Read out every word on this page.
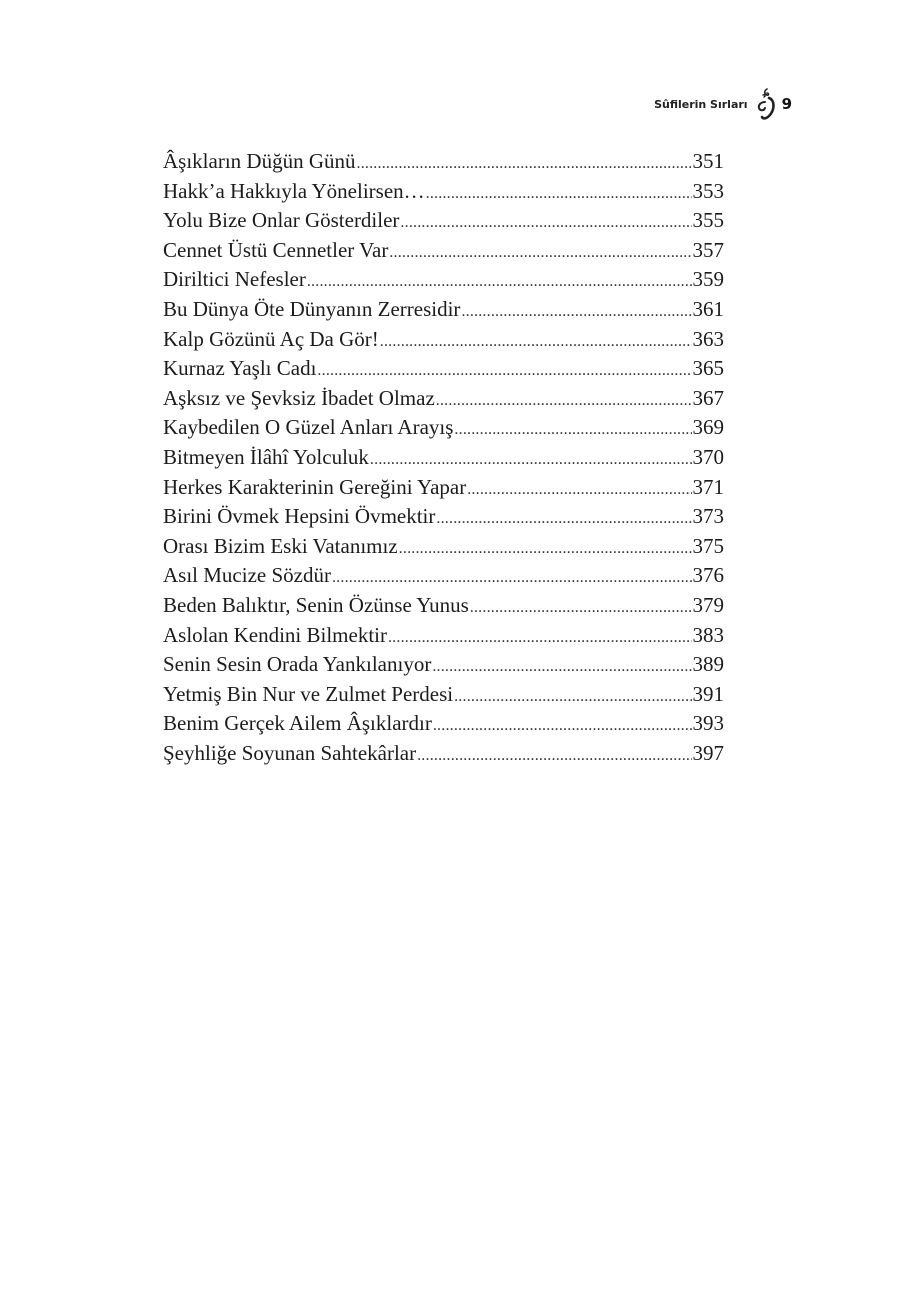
Sûfilerin Sırları 9
Âşıkların Düğün Günü .....	351
Hakk’a Hakkıyla Yönelirsen… .....	353
Yolu Bize Onlar Gösterdiler .....	355
Cennet Üstü Cennetler Var .....	357
Diriltici Nefesler .....	359
Bu Dünya Öte Dünyanın Zerresidir .....	361
Kalp Gözünü Aç Da Gör! .....	363
Kurnaz Yaşlı Cadı .....	365
Aşksız ve Şevksiz İbadet Olmaz .....	367
Kaybedilen O Güzel Anları Arayış .....	369
Bitmeyen İlâhî Yolculuk .....	370
Herkes Karakterinin Gereğini Yapar .....	371
Birini Övmek Hepsini Övmektir .....	373
Orası Bizim Eski Vatanımız .....	375
Asıl Mucize Sözdür .....	376
Beden Balıktır, Senin Özünse Yunus .....	379
Aslolan Kendini Bilmektir .....	383
Senin Sesin Orada Yankılanıyor .....	389
Yetmiş Bin Nur ve Zulmet Perdesi .....	391
Benim Gerçek Ailem Âşıklardır .....	393
Şeyhliğe Soyunan Sahtekârlar .....	397
